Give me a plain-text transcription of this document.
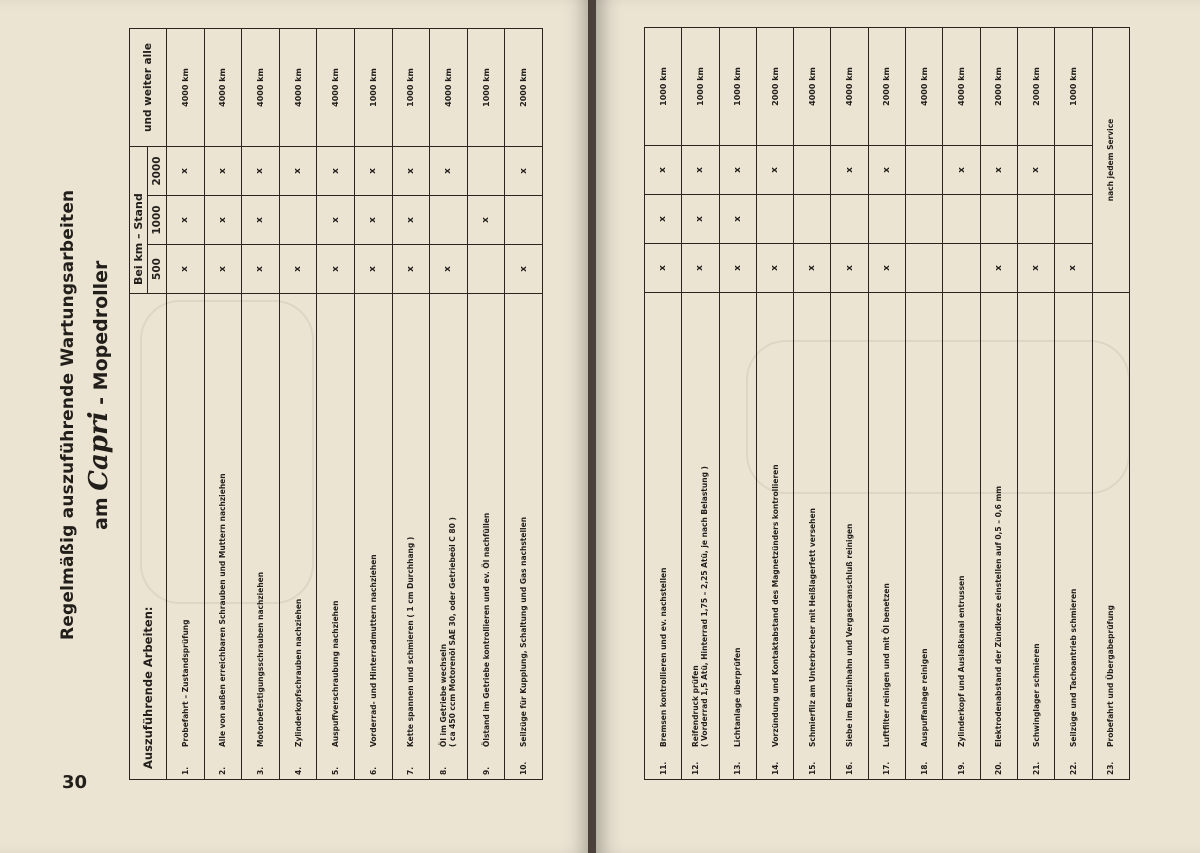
Regelmäßig auszuführende Wartungsarbeiten am Capri - Mopedroller
30
Auszuführende Arbeiten:	Bei km – Stand			und weiter alle
	500	1000	2000	
1.Probefahrt – Zustandsprüfung	x	x	x	4000 km
2.Alle von außen erreichbaren Schrauben und Muttern nachziehen	x	x	x	4000 km
3.Motorbefestigungsschrauben nachziehen	x	x	x	4000 km
4.Zylinderkopfschrauben nachziehen	x		x	4000 km
5.Auspuffverschraubung nachziehen	x	x	x	4000 km
6.Vorderrad- und Hinterradmuttern nachziehen	x	x	x	1000 km
7.Kette spannen und schmieren ( 1 cm Durchhang )	x	x	x	1000 km
8.Öl im Getriebe wechseln ( ca 450 ccm Motorenöl SAE 30, oder Getriebeöl C 80 )	x		x	4000 km
9.Ölstand im Getriebe kontrollieren und ev. Öl nachfüllen		x		1000 km
10.Seilzüge für Kupplung, Schaltung und Gas nachstellen	x		x	2000 km
11.Bremsen kontrollieren und ev. nachstellen	x	x	x	1000 km
12.Reifendruck prüfen ( Vorderrad 1,5 Atü, Hinterrad 1,75 – 2,25 Atü, je nach Belastung )	x	x	x	1000 km
13.Lichtanlage überprüfen	x	x	x	1000 km
14.Vorzündung und Kontaktabstand des Magnetzünders kontrollieren	x		x	2000 km
15.Schmierfilz am Unterbrecher mit Heißlagerfett versehen	x			4000 km
16.Siebe im Benzinhahn und Vergaseranschluß reinigen	x		x	4000 km
17.Luftfilter reinigen und mit Öl benetzen	x		x	2000 km
18.Auspuffanlage reinigen				4000 km
19.Zylinderkopf und Auslaßkanal entrussen			x	4000 km
20.Elektrodenabstand der Zündkerze einstellen auf 0,5 – 0,6 mm	x		x	2000 km
21.Schwinglager schmieren	x		x	2000 km
22.Seilzüge und Tachoantrieb schmieren	x			1000 km
23.Probefahrt und Übergabeprüfung	nach jedem Service			
